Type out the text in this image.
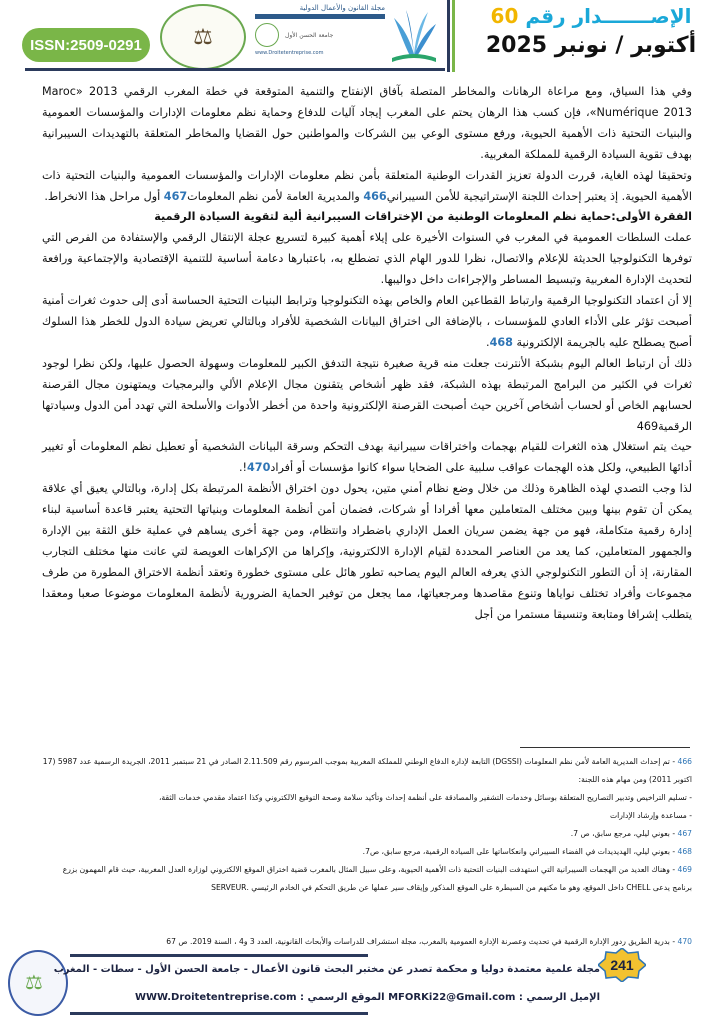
ISSN:2509-0291	⚖
مجلة القانون والأعمال الدولية
جامعة الحسن الأول
www.Droitetentreprise.com
الإصـــــــدار رقم 60
أكتوبر / نونبر 2025

وفي هذا السياق، ومع مراعاة الرهانات والمخاطر المتصلة بآفاق الإنفتاح والتنمية المتوقعة في خطة المغرب الرقمي 2013 «Maroc Numérique 2013»، فإن كسب هذا الرهان يحتم على المغرب إيجاد آليات للدفاع وحماية نظم معلومات الإدارات والمؤسسات العمومية والبنيات التحتية ذات الأهمية الحيوية، ورفع مستوى الوعي بين الشركات والمواطنين حول القضايا والمخاطر المتعلقة بالتهديدات السيبرانية بهدف تقوية السيادة الرقمية للمملكة المغربية.

وتحقيقا لهذه الغاية، قررت الدولة تعزيز القدرات الوطنية المتعلقة بأمن نظم معلومات الإدارات والمؤسسات العمومية والبنيات التحتية ذات الأهمية الحيوية. إذ يعتبر إحداث اللجنة الإستراتيجية للأمن السيبراني466 والمديرية العامة لأمن نظم المعلومات467 أول مراحل هذا الانخراط.

الفقرة الأولى:حماية نظم المعلومات الوطنية من الإختراقات السيبرانية ألية لتقوية السيادة الرقمية

عملت السلطات العمومية في المغرب في السنوات الأخيرة على إيلاء أهمية كبيرة لتسريع عجلة الإنتقال الرقمي والإستفادة من الفرص التي توفرها التكنولوجيا الحديثة للإعلام والاتصال، نظرا للدور الهام الذي تضطلع به، باعتبارها دعامة أساسية للتنمية الإقتصادية والإجتماعية ورافعة لتحديث الإدارة المغربية وتبسيط المساطر والإجراءات داخل دواليبها.

إلا أن اعتماد التكنولوجيا الرقمية وارتباط القطاعين العام والخاص بهذه التكنولوجيا وترابط البنيات التحتية الحساسة أدى إلى حدوث ثغرات أمنية أصبحت تؤثر على الأداء العادي للمؤسسات ، بالإضافة الى اختراق البيانات الشخصية للأفراد وبالتالي تعريض سيادة الدول للخطر هذا السلوك أصبح يصطلح عليه بالجريمة الإلكترونية 468.

ذلك أن ارتباط العالم اليوم بشبكة الأنترنت جعلت منه قرية صغيرة نتيجة التدفق الكبير للمعلومات وسهولة الحصول عليها، ولكن نظرا لوجود ثغرات في الكثير من البرامج المرتبطة بهذه الشبكة، فقد ظهر أشخاص يتقنون مجال الإعلام الألي والبرمجيات ويمتهنون مجال القرصنة لحسابهم الخاص أو لحساب أشخاص آخرين حيث أصبحت القرصنة الإلكترونية واحدة من أخطر الأدوات والأسلحة التي تهدد أمن الدول وسيادتها الرقمية469

حيث يتم استغلال هذه الثغرات للقيام بهجمات واختراقات سيبرانية بهدف التحكم وسرقة البيانات الشخصية أو تعطيل نظم المعلومات أو تغيير أدائها الطبيعي، ولكل هذه الهجمات عواقب سلبية على الضحايا سواء كانوا مؤسسات أو أفراد470!.

لذا وجب التصدي لهذه الظاهرة وذلك من خلال وضع نظام أمني متين، يحول دون اختراق الأنظمة المرتبطة بكل إدارة، وبالتالي يعيق أي علاقة يمكن أن تقوم بينها وبين مختلف المتعاملين معها أفرادا أو شركات، فضمان أمن أنظمة المعلومات وبنياتها التحتية يعتبر قاعدة أساسية لبناء إدارة رقمية متكاملة، فهو من جهة يضمن سريان العمل الإداري باضطراد وانتظام، ومن جهة أخرى يساهم في عملية خلق الثقة بين الإدارة والجمهور المتعاملين، كما يعد من العناصر المحددة لقيام الإدارة الالكترونية، وإكراها من الإكراهات العويصة لتي عانت منها مختلف التجارب المقارنة، إذ أن التطور التكنولوجي الذي يعرفه العالم اليوم يصاحبه تطور هائل على مستوى خطورة وتعقد أنظمة الاختراق المطورة من طرف مجموعات وأفراد تختلف نواياها وتنوع مقاصدها ومرجعياتها، مما يجعل من توفير الحماية الضرورية لأنظمة المعلومات موضوعا صعبا ومعقدا يتطلب إشرافا ومتابعة وتنسيقا مستمرا من أجل

466 - تم إحداث المديرية العامة لأمن نظم المعلومات (DGSSI) التابعة لإدارة الدفاع الوطني للمملكة المغربية بموجب المرسوم رقم 2.11.509 الصادر في 21 سبتمبر 2011، الجريدة الرسمية عدد 5987 (17 اكتوبر 2011) ومن مهام هذه اللجنة:

- تسليم التراخيص وتدبير التصاريح المتعلقة بوسائل وخدمات التشفير والمصادقة على أنظمة إحداث وتأكيد سلامة وصحة التوقيع الالكتروني وكذا اعتماد مقدمي خدمات الثقة،

- مساعدة وإرشاد الإدارات

467 - بعوني ليلي، مرجع سابق، ص 7.

468 - بعوني ليلي، الهديديدات في الفضاء السيبراني وانعكاساتها على السيادة الرقمية، مرجع سابق، ص7.

469 - وهناك العديد من الهجمات السيبرانية التي استهدفت البنيات التحتية ذات الأهمية الحيوية، وعلى سبيل المثال بالمغرب قضية اختراق الموقع الالكتروني لوزارة العدل المغربية، حيث قام المهمون بزرع برنامج يدعى CHELL داخل الموقع، وهو ما مكنهم من السيطرة على الموقع المذكور وإيقاف سير عملها عن طريق التحكم في الخادم الرئيسي .SERVEUR

470 - بدرية الطريق ردور الإدارة الرقمية في تحديث وعصرنة الإدارة العمومية بالمغرب، مجلة استشراف للدراسات والأبحاث القانونية، العدد 3 و4 ، السنة 2019. ص 67

⚖
مجلة علمية معتمدة دوليا و محكمة تصدر عن مختبر البحث قانون الأعمال - جامعة الحسن الأول - سطات - المغرب
الإميل الرسمي : MFORKi22@Gmail.com الموقع الرسمي : WWW.Droitetentreprise.com
241
